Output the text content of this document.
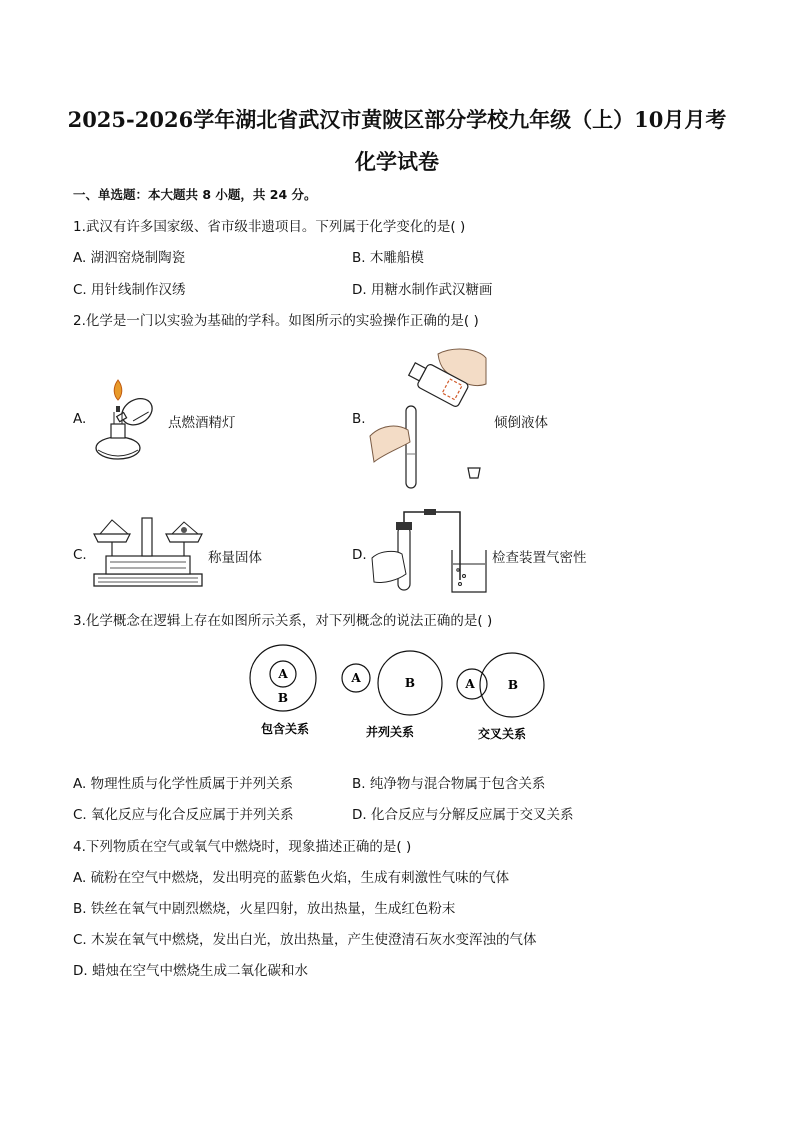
2025-2026学年湖北省武汉市黄陂区部分学校九年级（上）10月月考
化学试卷
一、单选题：本大题共 8 小题，共 24 分。
1.武汉有许多国家级、省市级非遗项目。下列属于化学变化的是( )
A. 湖泗窑烧制陶瓷	B. 木雕船模
C. 用针线制作汉绣	D. 用糖水制作武汉糖画
2.化学是一门以实验为基础的学科。如图所示的实验操作正确的是( )
A.	点燃酒精灯	B.	倾倒液体
C.	称量固体	D.	检查装置气密性
3.化学概念在逻辑上存在如图所示关系，对下列概念的说法正确的是( )
A
B
包含关系
A	B
并列关系
A	B
交叉关系
A. 物理性质与化学性质属于并列关系	B. 纯净物与混合物属于包含关系
C. 氧化反应与化合反应属于并列关系	D. 化合反应与分解反应属于交叉关系
4.下列物质在空气或氧气中燃烧时，现象描述正确的是( )
A. 硫粉在空气中燃烧，发出明亮的蓝紫色火焰，生成有刺激性气味的气体
B. 铁丝在氧气中剧烈燃烧，火星四射，放出热量，生成红色粉末
C. 木炭在氧气中燃烧，发出白光，放出热量，产生使澄清石灰水变浑浊的气体
D. 蜡烛在空气中燃烧生成二氧化碳和水
